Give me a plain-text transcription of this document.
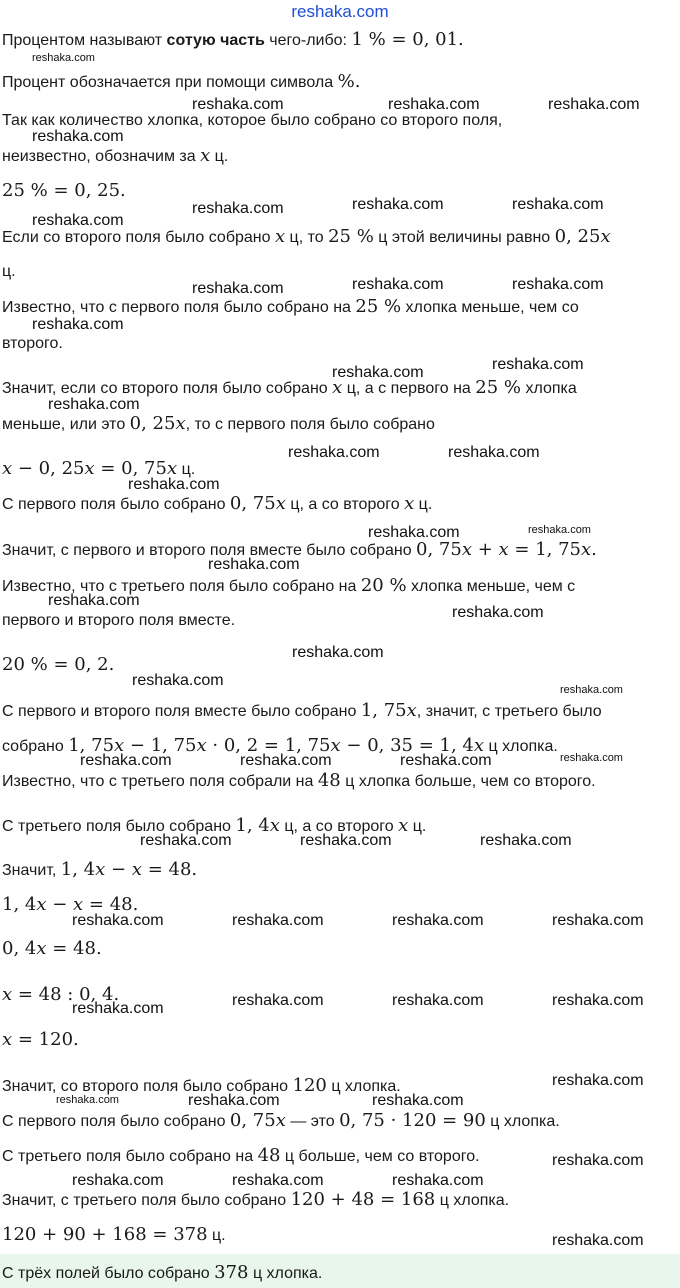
reshaka.com
Процентом называют сотую часть чего-либо: 1 % = 0, 01.
Процент обозначается при помощи символа %.
Так как количество хлопка, которое было собрано со второго поля,
неизвестно, обозначим за x ц.
25 % = 0, 25.
Если со второго поля было собрано x ц, то 25 % ц этой величины равно 0, 25x
ц.
Известно, что с первого поля было собрано на 25 % хлопка меньше, чем со
второго.
Значит, если со второго поля было собрано x ц, а с первого на 25 % хлопка
меньше, или это 0, 25x, то с первого поля было собрано
x − 0, 25x = 0, 75x ц.
С первого поля было собрано 0, 75x ц, а со второго x ц.
Значит, с первого и второго поля вместе было собрано 0, 75x + x = 1, 75x.
Известно, что с третьего поля было собрано на 20 % хлопка меньше, чем с
первого и второго поля вместе.
20 % = 0, 2.
С первого и второго поля вместе было собрано 1, 75x, значит, с третьего было
собрано 1, 75x − 1, 75x · 0, 2 = 1, 75x − 0, 35 = 1, 4x ц хлопка.
Известно, что с третьего поля собрали на 48 ц хлопка больше, чем со второго.
С третьего поля было собрано 1, 4x ц, а со второго x ц.
Значит, 1, 4x − x = 48.
1, 4x − x = 48.
0, 4x = 48.
x = 48 : 0, 4.
x = 120.
Значит, со второго поля было собрано 120 ц хлопка.
С первого поля было собрано 0, 75x — это 0, 75 · 120 = 90 ц хлопка.
С третьего поля было собрано на 48 ц больше, чем со второго.
Значит, с третьего поля было собрано 120 + 48 = 168 ц хлопка.
120 + 90 + 168 = 378 ц.
С трёх полей было собрано 378 ц хлопка.
reshaka.com
reshaka.com	reshaka.com	reshaka.com
reshaka.com
reshaka.com
reshaka.com	reshaka.com	reshaka.com
reshaka.com	reshaka.com	reshaka.com
reshaka.com
reshaka.com	reshaka.com
reshaka.com
reshaka.com	reshaka.com
reshaka.com
reshaka.com	reshaka.com
reshaka.com
reshaka.com
reshaka.com
reshaka.com
reshaka.com
reshaka.com
reshaka.com	reshaka.com	reshaka.com	reshaka.com
reshaka.com	reshaka.com	reshaka.com
reshaka.com	reshaka.com	reshaka.com	reshaka.com
reshaka.com	reshaka.com	reshaka.com
reshaka.com
reshaka.com
reshaka.com	reshaka.com	reshaka.com
reshaka.com
reshaka.com	reshaka.com	reshaka.com
reshaka.com
